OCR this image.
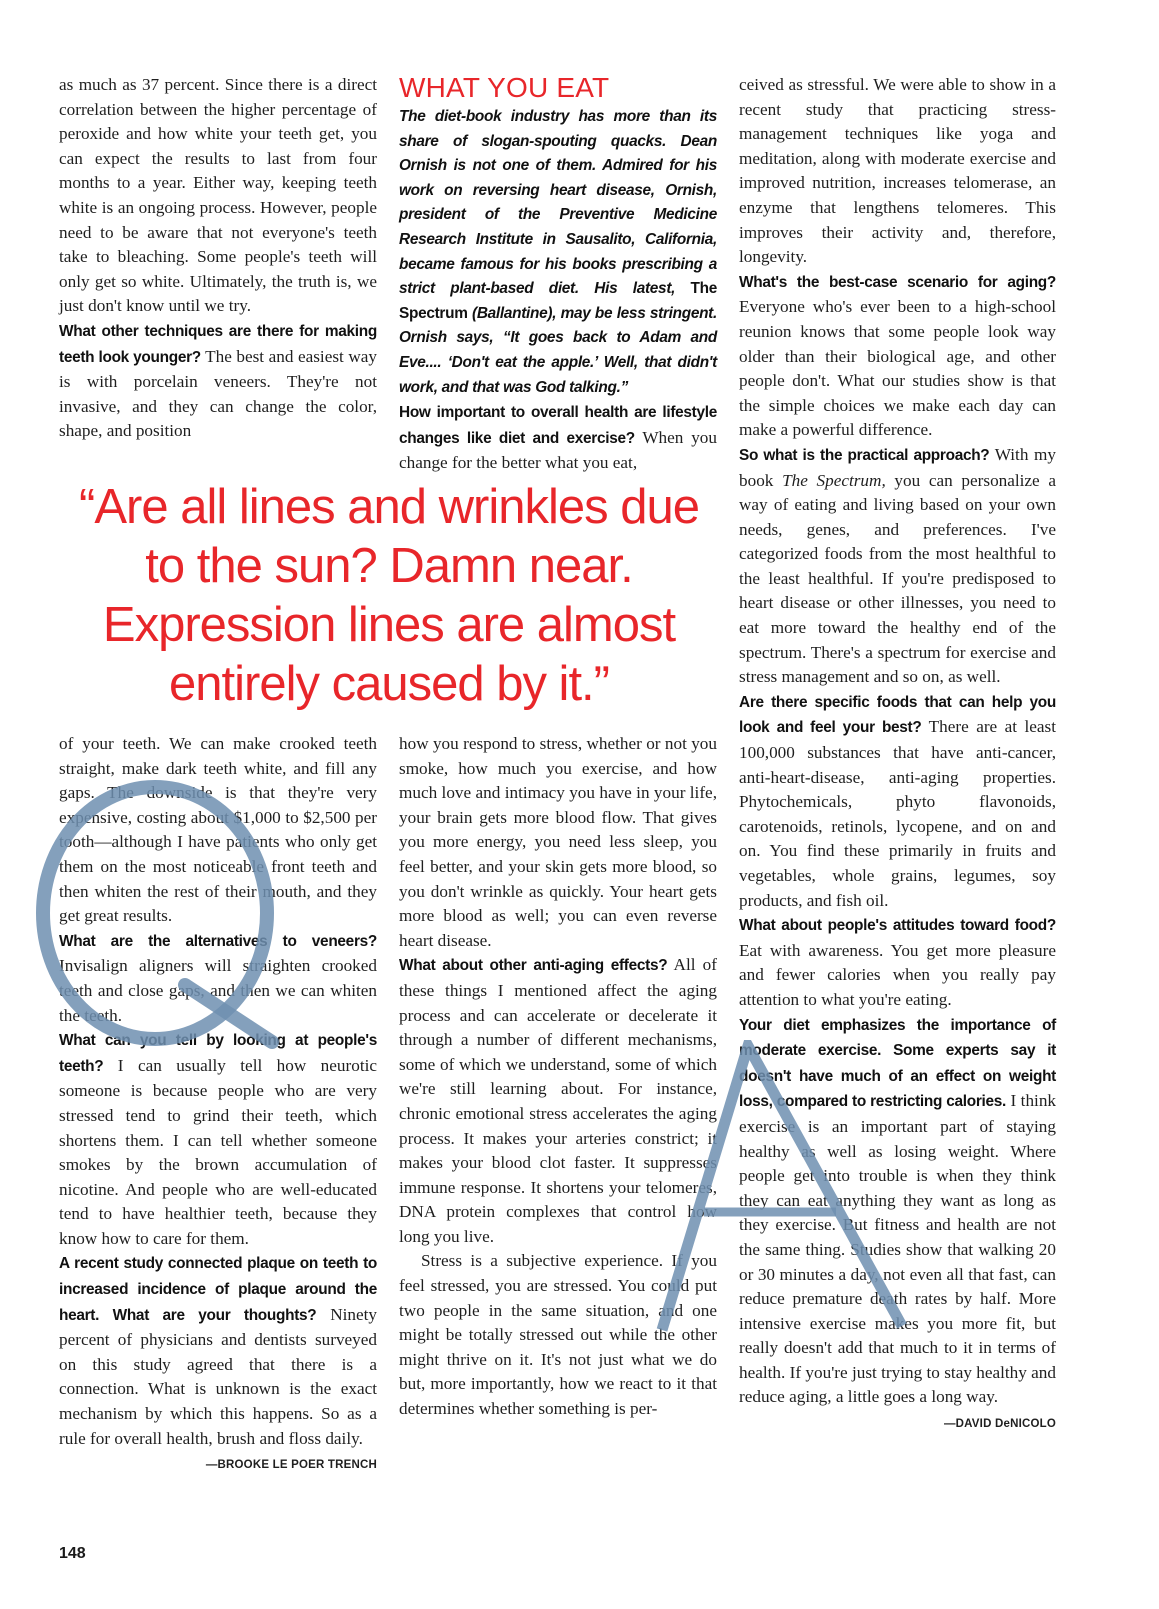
as much as 37 percent. Since there is a direct correlation between the higher percentage of peroxide and how white your teeth get, you can expect the results to last from four months to a year. Either way, keeping teeth white is an ongoing process. However, people need to be aware that not everyone's teeth take to bleaching. Some people's teeth will only get so white. Ultimately, the truth is, we just don't know until we try.

What other techniques are there for making teeth look younger? The best and easiest way is with porcelain veneers. They're not invasive, and they can change the color, shape, and position

WHAT YOU EAT

The diet-book industry has more than its share of slogan-spouting quacks. Dean Ornish is not one of them. Admired for his work on reversing heart disease, Ornish, president of the Preventive Medicine Research Institute in Sausalito, California, became famous for his books prescribing a strict plant-based diet. His latest, The Spectrum (Ballantine), may be less stringent. Ornish says, “It goes back to Adam and Eve.... ‘Don't eat the apple.’ Well, that didn't work, and that was God talking.”

How important to overall health are lifestyle changes like diet and exercise? When you change for the better what you eat,

“Are all lines and wrinkles due to the sun? Damn near. Expression lines are almost entirely caused by it.”

of your teeth. We can make crooked teeth straight, make dark teeth white, and fill any gaps. The downside is that they're very expensive, costing about $1,000 to $2,500 per tooth—although I have patients who only get them on the most noticeable front teeth and then whiten the rest of their mouth, and they get great results.

What are the alternatives to veneers? Invisalign aligners will straighten crooked teeth and close gaps, and then we can whiten the teeth.

What can you tell by looking at people's teeth? I can usually tell how neurotic someone is because people who are very stressed tend to grind their teeth, which shortens them. I can tell whether someone smokes by the brown accumulation of nicotine. And people who are well-educated tend to have healthier teeth, because they know how to care for them.

A recent study connected plaque on teeth to increased incidence of plaque around the heart. What are your thoughts? Ninety percent of physicians and dentists surveyed on this study agreed that there is a connection. What is unknown is the exact mechanism by which this happens. So as a rule for overall health, brush and floss daily.
—BROOKE LE POER TRENCH

how you respond to stress, whether or not you smoke, how much you exercise, and how much love and intimacy you have in your life, your brain gets more blood flow. That gives you more energy, you need less sleep, you feel better, and your skin gets more blood, so you don't wrinkle as quickly. Your heart gets more blood as well; you can even reverse heart disease.

What about other anti-aging effects? All of these things I mentioned affect the aging process and can accelerate or decelerate it through a number of different mechanisms, some of which we understand, some of which we're still learning about. For instance, chronic emotional stress accelerates the aging process. It makes your arteries constrict; it makes your blood clot faster. It suppresses immune response. It shortens your telomeres, DNA protein complexes that control how long you live.

Stress is a subjective experience. If you feel stressed, you are stressed. You could put two people in the same situation, and one might be totally stressed out while the other might thrive on it. It's not just what we do but, more importantly, how we react to it that determines whether something is per-

ceived as stressful. We were able to show in a recent study that practicing stress-management techniques like yoga and meditation, along with moderate exercise and improved nutrition, increases telomerase, an enzyme that lengthens telomeres. This improves their activity and, therefore, longevity.

What's the best-case scenario for aging? Everyone who's ever been to a high-school reunion knows that some people look way older than their biological age, and other people don't. What our studies show is that the simple choices we make each day can make a powerful difference.

So what is the practical approach? With my book The Spectrum, you can personalize a way of eating and living based on your own needs, genes, and preferences. I've categorized foods from the most healthful to the least healthful. If you're predisposed to heart disease or other illnesses, you need to eat more toward the healthy end of the spectrum. There's a spectrum for exercise and stress management and so on, as well.

Are there specific foods that can help you look and feel your best? There are at least 100,000 substances that have anti-cancer, anti-heart-disease, anti-aging properties. Phytochemicals, phyto flavonoids, carotenoids, retinols, lycopene, and on and on. You find these primarily in fruits and vegetables, whole grains, legumes, soy products, and fish oil.

What about people's attitudes toward food? Eat with awareness. You get more pleasure and fewer calories when you really pay attention to what you're eating.

Your diet emphasizes the importance of moderate exercise. Some experts say it doesn't have much of an effect on weight loss, compared to restricting calories. I think exercise is an important part of staying healthy as well as losing weight. Where people get into trouble is when they think they can eat anything they want as long as they exercise. But fitness and health are not the same thing. Studies show that walking 20 or 30 minutes a day, not even all that fast, can reduce premature death rates by half. More intensive exercise makes you more fit, but really doesn't add that much to it in terms of health. If you're just trying to stay healthy and reduce aging, a little goes a long way.
—DAVID DeNICOLO

148
